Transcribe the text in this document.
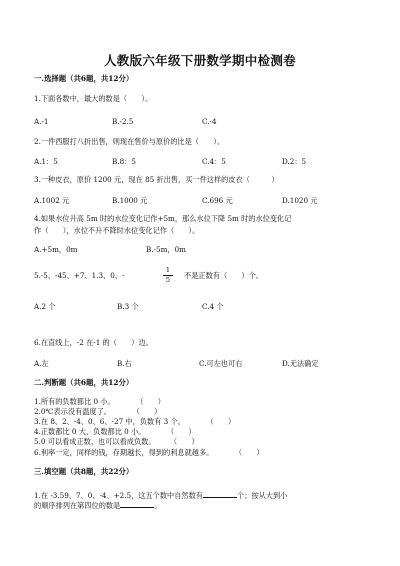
人教版六年级下册数学期中检测卷
一.选择题（共6题，共12分）
1.下面各数中，最大的数是（　　）。
A.-1	B.-2.5	C.-4
2.一件西服打八折出售，则现在售价与原价的比是（　　）。
A.1：5	B.8：5	C.4：5	D.2：5
3.一种皮衣，原价 1200 元，现在 85 折出售，买一件这样的皮衣（　　　）
A.1002 元	B.1000 元	C.696 元	D.1020 元
4.如果水位升高 5m 时的水位变化记作+5m，那么水位下降 5m 时的水位变化记
作（　　），水位不升不降时水位变化记作（　　）。
A.+5m，0m	B.-5m，0m
5.-5、-45、+7、1.3、0、-
1
5	不是正数有（　　）个。
A.2 个	B.3 个	C.4 个
6.在直线上，-2 在-1 的（　　）边。
A.左	B.右	C.可左也可右	D.无法确定
二.判断题（共6题，共12分）
1.所有的负数都比 0 小。　　　　（　　）
2.0℃表示没有温度了。　　　　（　　）
3.在 8、2、-4、0、6、-27 中，负数有 3 个。　　　　（　　）
4.正数都比 0 大，负数都比 0 小。　　　　（　　）
5.0 可以看成正数，也可以看成负数。　　　（　　）
6.利率一定，同样的钱，存期越长，得到的利息就越多。　　　　（　　）
三.填空题（共8题，共22分）
1.在 -3.59、7、0、-4、+2.5，这五个数中自然数有	个；按从大到小
的顺序排列在第四位的数是	。
